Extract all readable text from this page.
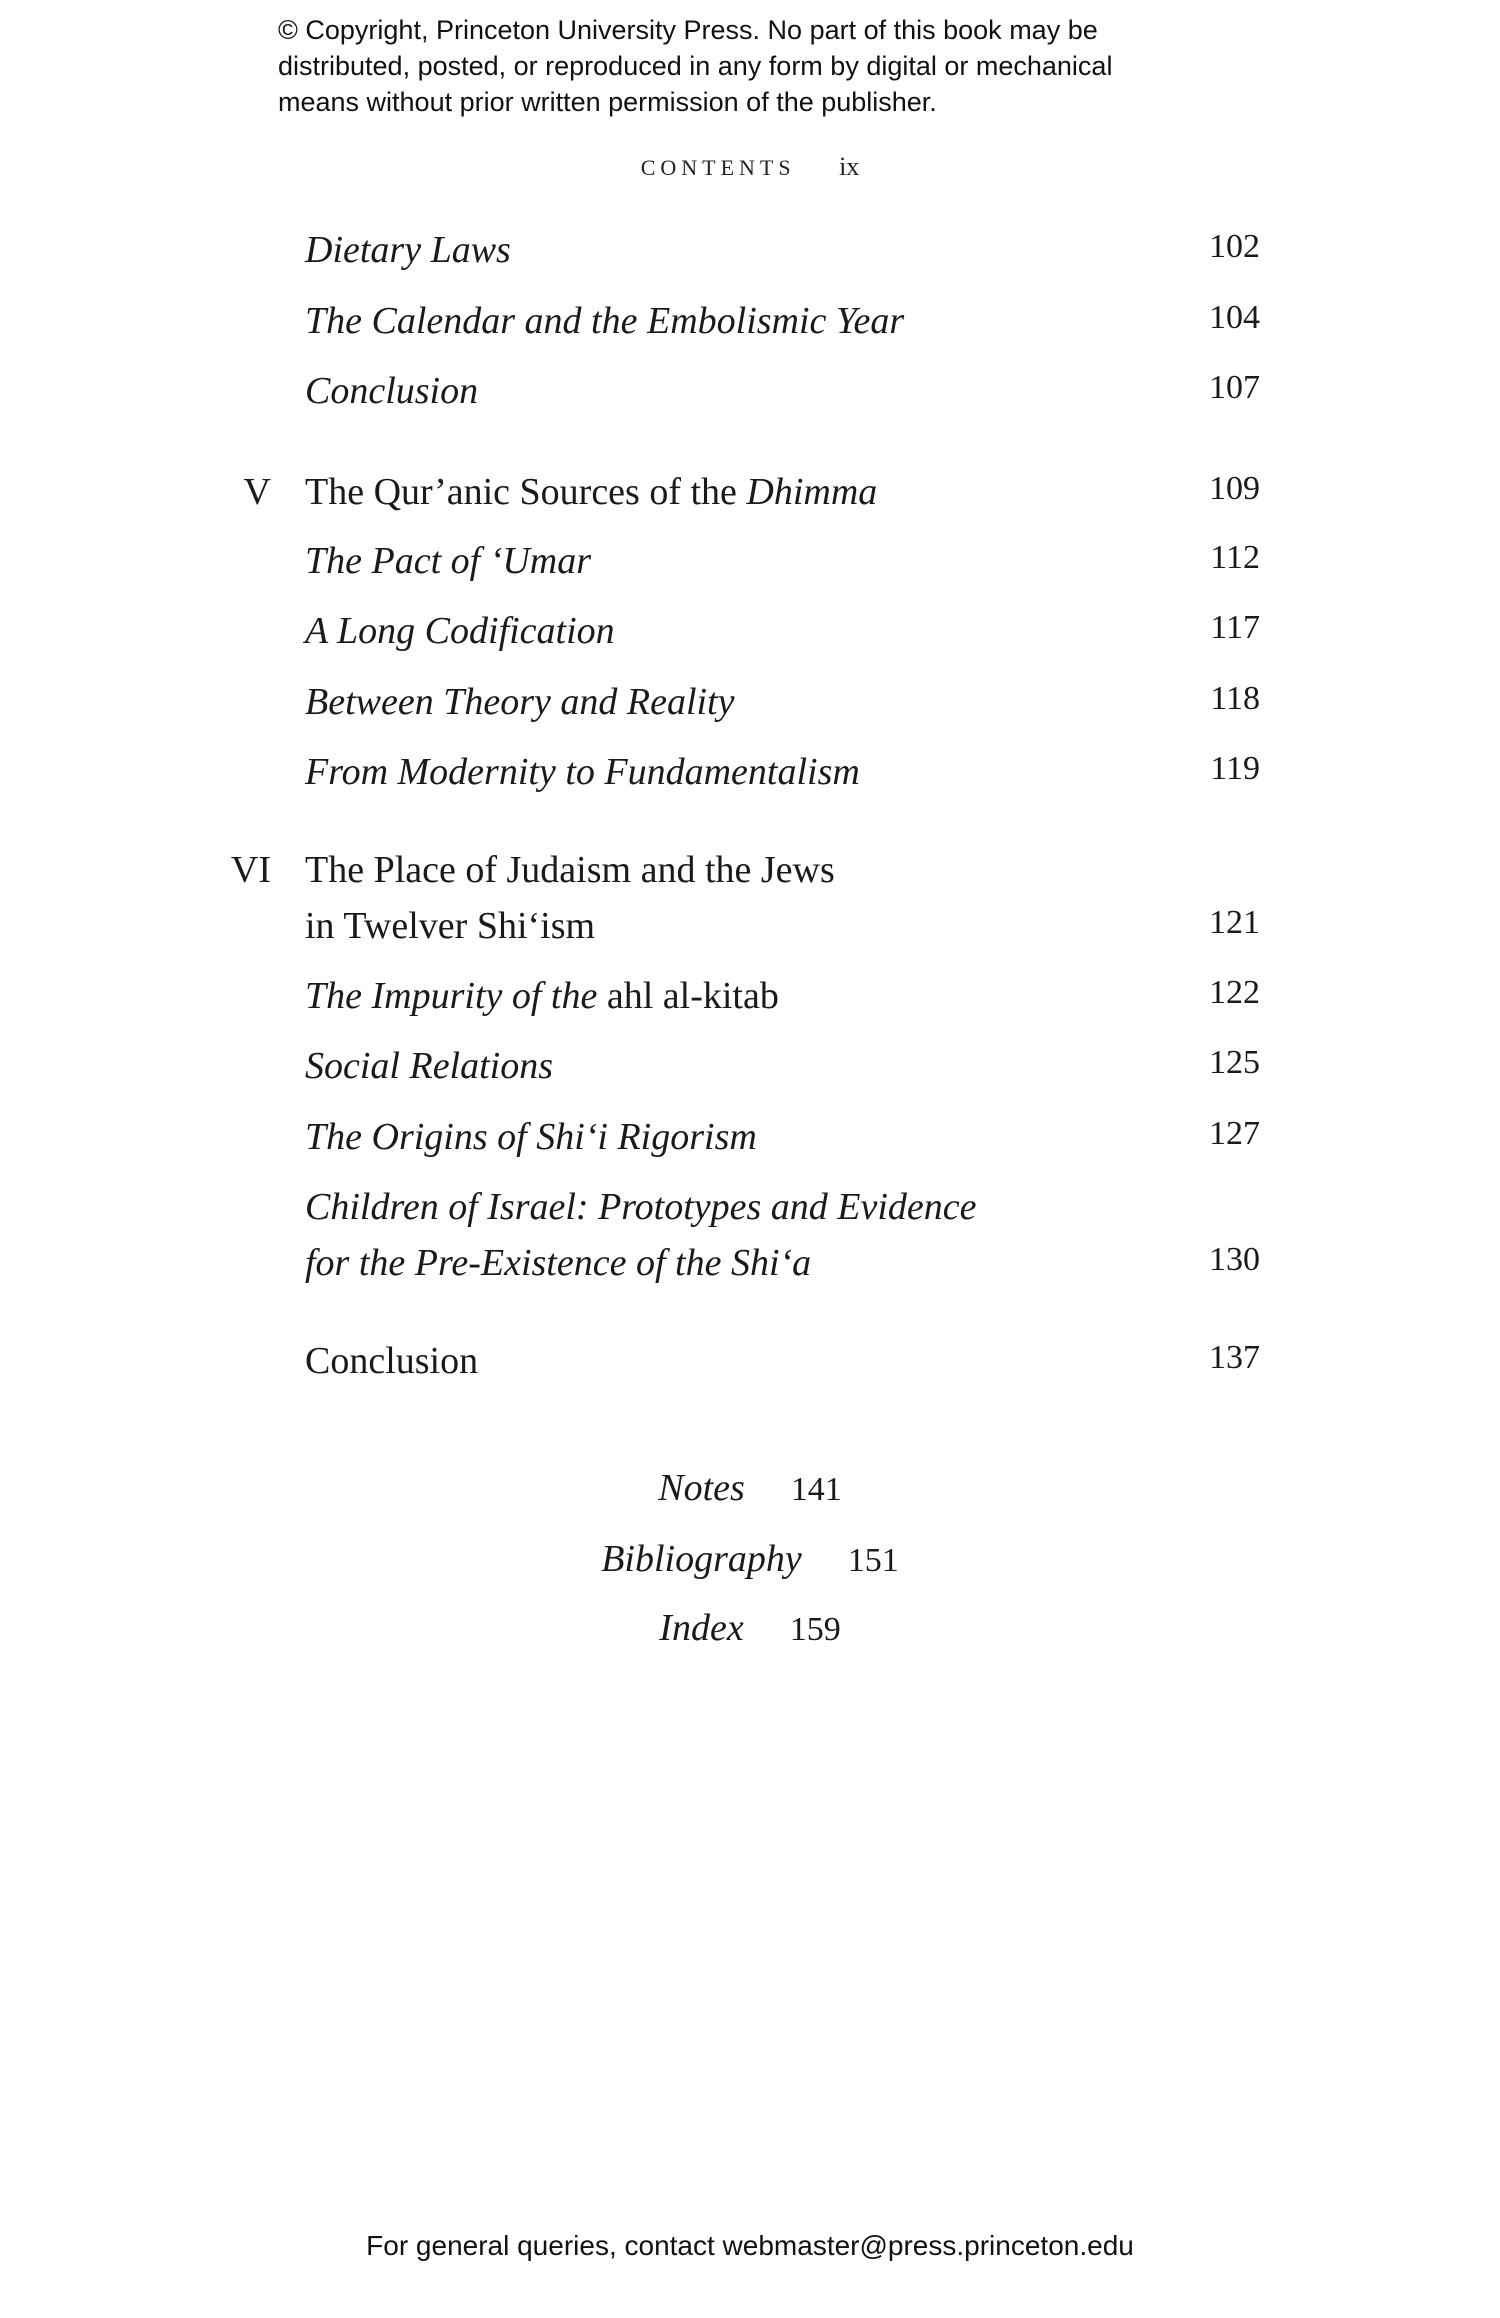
© Copyright, Princeton University Press. No part of this book may be
distributed, posted, or reproduced in any form by digital or mechanical
means without prior written permission of the publisher.
CONTENTS ix
Dietary Laws	102
The Calendar and the Embolismic Year	104
Conclusion	107
V The Qur’anic Sources of the Dhimma	109
The Pact of ‘Umar	112
A Long Codification	117
Between Theory and Reality	118
From Modernity to Fundamentalism	119
VI The Place of Judaism and the Jews
in Twelver Shi‘ism	121
The Impurity of the ahl al-kitab	122
Social Relations	125
The Origins of Shi‘i Rigorism	127
Children of Israel: Prototypes and Evidence
for the Pre-Existence of the Shi‘a	130
Conclusion	137
Notes 141
Bibliography 151
Index 159
For general queries, contact webmaster@press.princeton.edu
